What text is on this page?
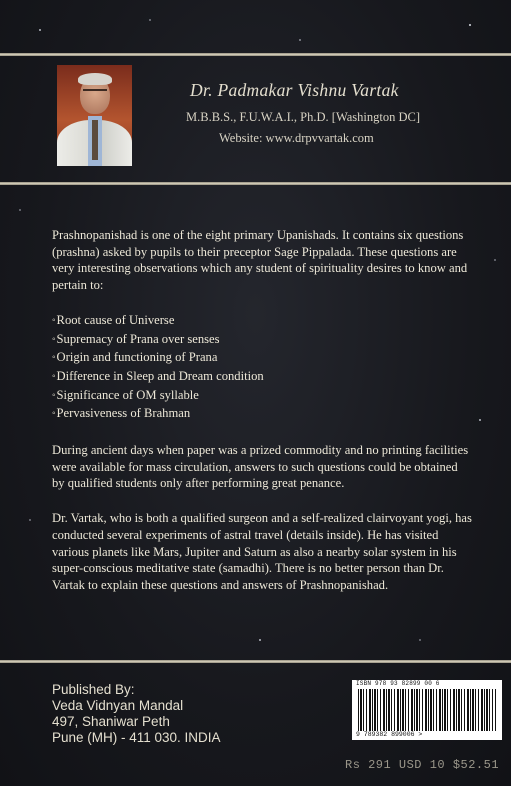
Dr. Padmakar Vishnu Vartak
M.B.B.S., F.U.W.A.I., Ph.D. [Washington DC]
Website: www.drpvvartak.com

Prashnopanishad is one of the eight primary Upanishads. It contains six questions (prashna) asked by pupils to their preceptor Sage Pippalada. These questions are very interesting observations which any student of spirituality desires to know and pertain to:

◦ Root cause of Universe
◦ Supremacy of Prana over senses
◦ Origin and functioning of Prana
◦ Difference in Sleep and Dream condition
◦ Significance of OM syllable
◦ Pervasiveness of Brahman

During ancient days when paper was a prized commodity and no printing facilities were available for mass circulation, answers to such questions could be obtained by qualified students only after performing great penance.

Dr. Vartak, who is both a qualified surgeon and a self-realized clairvoyant yogi, has conducted several experiments of astral travel (details inside). He has visited various planets like Mars, Jupiter and Saturn as also a nearby solar system in his super-conscious meditative state (samadhi). There is no better person than Dr. Vartak to explain these questions and answers of Prashnopanishad.

Published By:
Veda Vidnyan Mandal
497, Shaniwar Peth
Pune (MH) - 411 030. INDIA
ISBN 978 93 82899 00 6
9 789382 899006 >
Rs 291 USD 10 $52.51
